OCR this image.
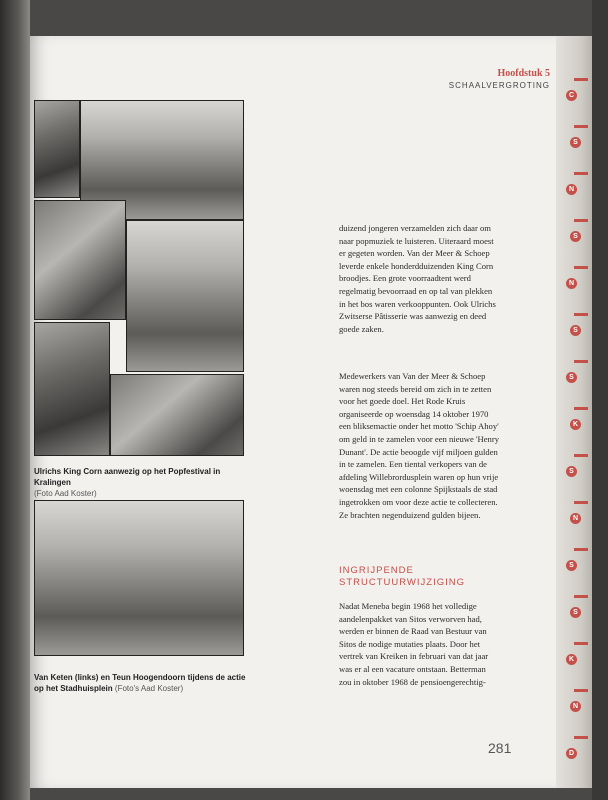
Hoofdstuk 5
SCHAALVERGROTING
Ulrichs King Corn aanwezig op het Popfestival in Kralingen
(Foto Aad Koster)
Van Keten (links) en Teun Hoogendoorn tijdens de actie
op het Stadhuisplein (Foto's Aad Koster)

duizend jongeren verzamelden zich daar om naar popmuziek te luisteren. Uiteraard moest er gegeten worden. Van der Meer & Schoep leverde enkele honderdduizenden King Corn broodjes. Een grote voorraadtent werd regelmatig bevoorraad en op tal van plekken in het bos waren verkooppunten. Ook Ulrichs Zwitserse Pâtisserie was aanwezig en deed goede zaken.

Medewerkers van Van der Meer & Schoep waren nog steeds bereid om zich in te zetten voor het goede doel. Het Rode Kruis organiseerde op woensdag 14 oktober 1970 een bliksemactie onder het motto 'Schip Ahoy' om geld in te zamelen voor een nieuwe 'Henry Dunant'. De actie beoogde vijf miljoen gulden in te zamelen. Een tiental verkopers van de afdeling Willebrordusplein waren op hun vrije woensdag met een colonne Spijkstaals de stad ingetrokken om voor deze actie te collecteren. Ze brachten negenduizend gulden bijeen.

INGRIJPENDE
STRUCTUURWIJZIGING

Nadat Meneba begin 1968 het volledige aandelenpakket van Sitos verworven had, werden er binnen de Raad van Bestuur van Sitos de nodige mutaties plaats. Door het vertrek van Kreiken in februari van dat jaar was er al een vacature ontstaan. Betterman zou in oktober 1968 de pensioengerechtig-

281
C
S
N
S
N
S
S
K
S
N
S
S
K
N
D
